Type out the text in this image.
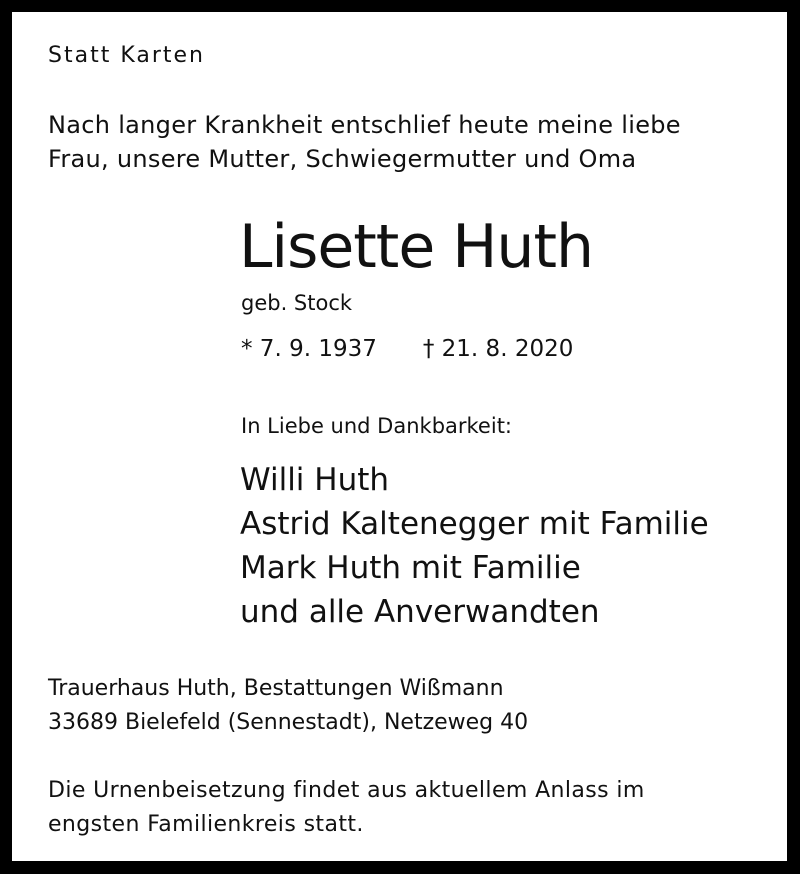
Statt Karten

Nach langer Krankheit entschlief heute meine liebe
Frau, unsere Mutter, Schwiegermutter und Oma

Lisette Huth

geb. Stock

* 7. 9. 1937 † 21. 8. 2020

In Liebe und Dankbarkeit:

Willi Huth
Astrid Kaltenegger mit Familie
Mark Huth mit Familie
und alle Anverwandten

Trauerhaus Huth, Bestattungen Wißmann
33689 Bielefeld (Sennestadt), Netzeweg 40

Die Urnenbeisetzung findet aus aktuellem Anlass im
engsten Familienkreis statt.
